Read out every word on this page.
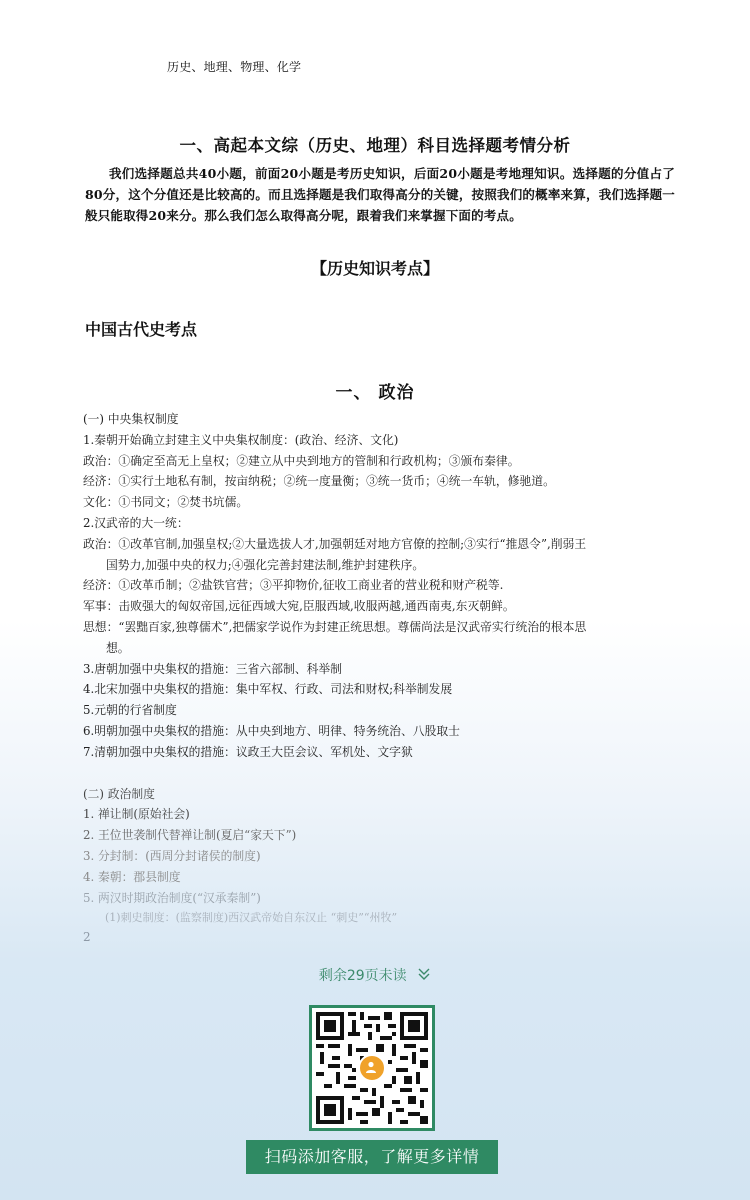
历史、地理、物理、化学
一、高起本文综（历史、地理）科目选择题考情分析
我们选择题总共40小题，前面20小题是考历史知识，后面20小题是考地理知识。选择题的分值占了80分，这个分值还是比较高的。而且选择题是我们取得高分的关键，按照我们的概率来算，我们选择题一般只能取得20来分。那么我们怎么取得高分呢，跟着我们来掌握下面的考点。
【历史知识考点】
中国古代史考点
一、 政治
(一) 中央集权制度
1.秦朝开始确立封建主义中央集权制度：(政治、经济、文化)
政治：①确定至高无上皇权；②建立从中央到地方的管制和行政机构；③颁布秦律。
经济：①实行土地私有制，按亩纳税；②统一度量衡；③统一货币；④统一车轨，修驰道。
文化：①书同文；②焚书坑儒。
2.汉武帝的大一统：
政治：①改革官制,加强皇权;②大量选拔人才,加强朝廷对地方官僚的控制;③实行“推恩令”,削弱王
国势力,加强中央的权力;④强化完善封建法制,维护封建秩序。
经济：①改革币制；②盐铁官营；③平抑物价,征收工商业者的营业税和财产税等.
军事：击败强大的匈奴帝国,远征西域大宛,臣服西域,收服两越,通西南夷,东灭朝鲜。
思想：“罢黜百家,独尊儒术”,把儒家学说作为封建正统思想。尊儒尚法是汉武帝实行统治的根本思
想。
3.唐朝加强中央集权的措施：三省六部制、科举制
4.北宋加强中央集权的措施：集中军权、行政、司法和财权;科举制发展
5.元朝的行省制度
6.明朝加强中央集权的措施：从中央到地方、明律、特务统治、八股取士
7.清朝加强中央集权的措施：议政王大臣会议、军机处、文字狱
(二) 政治制度
1. 禅让制(原始社会)
2. 王位世袭制代替禅让制(夏启“家天下”)
3. 分封制：(西周分封诸侯的制度)
4. 秦朝：郡县制度
5. 两汉时期政治制度(“汉承秦制”)
(1)刺史制度：(监察制度)西汉武帝始自东汉止 “刺史”“州牧”
2
剩余29页未读
扫码添加客服，了解更多详情
